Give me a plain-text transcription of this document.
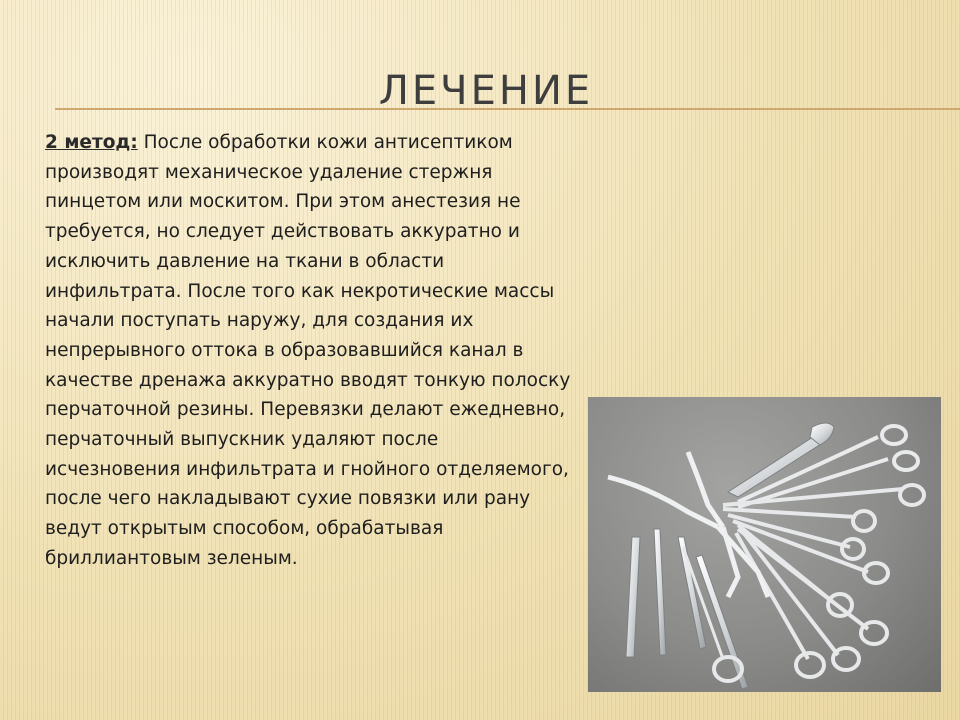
ЛЕЧЕНИЕ

2 метод: После обработки кожи антисептиком производят механическое удаление стержня пинцетом или москитом. При этом анестезия не требуется, но следует действовать аккуратно и исключить давление на ткани в области инфильтрата. После того как некротические массы начали поступать наружу, для создания их непрерывного оттока в образовавшийся канал в качестве дренажа аккуратно вводят тонкую полоску перчаточной резины. Перевязки делают ежедневно, перчаточный выпускник удаляют после исчезновения инфильтрата и гнойного отделяемого, после чего накладывают сухие повязки или рану ведут открытым способом, обрабатывая бриллиантовым зеленым.
